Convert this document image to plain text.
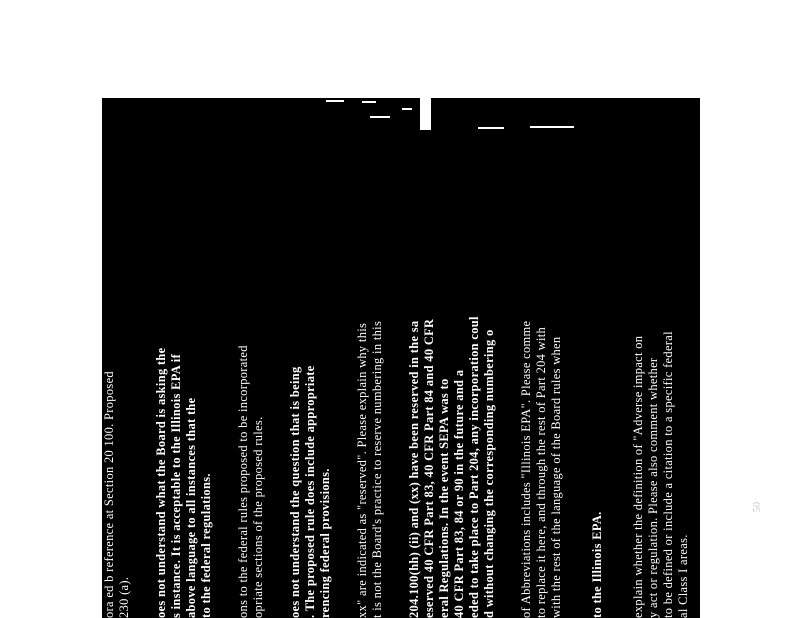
ora ed b reference at Section 20 100. Proposed 230 (a). oes not understand what the Board is asking the s instance. It is acceptable to the Illinois EPA if above language to all instances that the to the federal regulations. ons to the federal rules proposed to be incorporated opriate sections of the proposed rules. oes not understand the question that is being . The proposed rule does include appropriate rencing federal provisions. xx" are indicated as "reserved". Please explain why this t is not the Board's practice to reserve numbering in this 204.100(hh) (ii) and (xx) have been reserved in the sa eserved 40 CFR Part 83, 40 CFR Part 84 and 40 CFR eral Regulations. In the event SEPA was to 40 CFR Part 83, 84 or 90 in the future and a eded to take place to Part 204, any incorporation coul d without changing the corresponding numbering o of Abbreviations includes "Illinois EPA". Please comme to replace it here, and through the rest of Part 204 with with the rest of the language of the Board rules when to the Illinois EPA. explain whether the definition of "Adverse impact on y act or regulation. Please also comment whether to be defined or include a citation to a specific federal al Class I areas. t impact on visibility" in Section 204.220 is modeled ame in 40 CFR 52.21(b)(29). ederal Class I area" is not necessary. Section 204.920(a) rovides that "[a]ll of the following areas which were in
50
